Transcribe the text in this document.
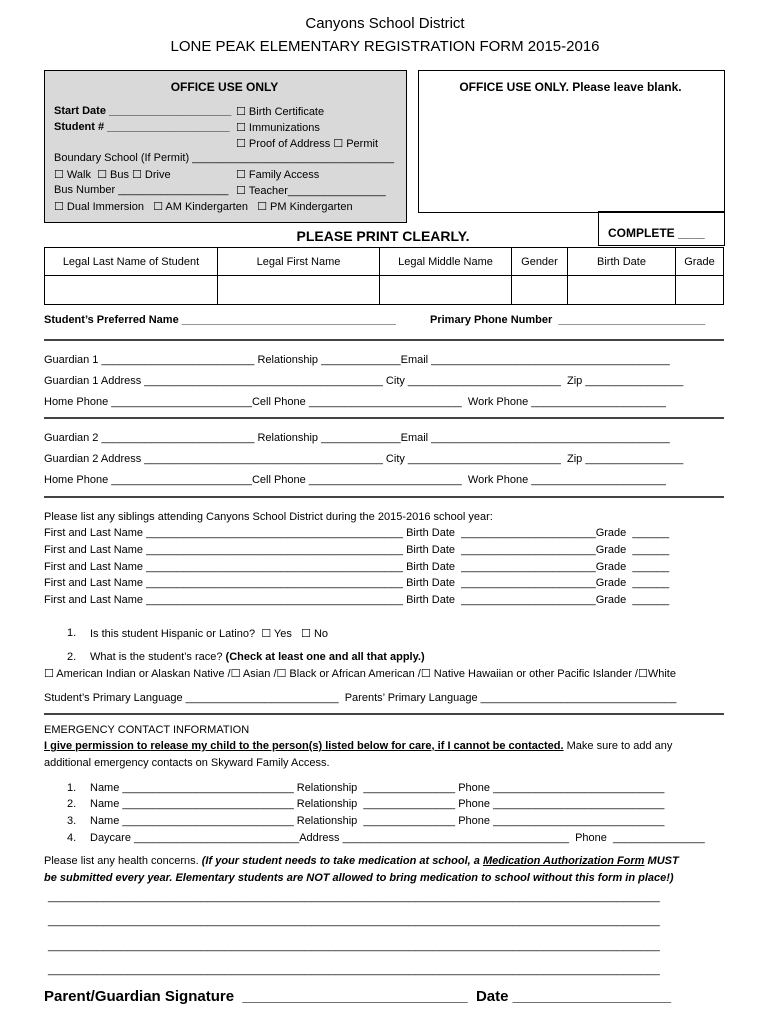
Canyons School District
LONE PEAK ELEMENTARY REGISTRATION FORM 2015-2016
OFFICE USE ONLY
Start Date ____________________
Student # ____________________
☐ Birth Certificate
☐ Immunizations
☐ Proof of Address ☐ Permit
Boundary School (If Permit) _________________________________
☐ Walk  ☐ Bus ☐ Drive	☐ Family Access
Bus Number __________________ ☐ Teacher________________
☐ Dual Immersion   ☐ AM Kindergarten   ☐ PM Kindergarten
OFFICE USE ONLY. Please leave blank.
COMPLETE ____
PLEASE PRINT CLEARLY.
Legal Last Name of Student	Legal First Name	Legal Middle Name	Gender	Birth Date	Grade

Student’s Preferred Name ___________________________________	Primary Phone Number  ________________________
Guardian 1 _________________________ Relationship _____________Email _______________________________________
Guardian 1 Address _______________________________________ City _________________________  Zip ________________
Home Phone _______________________Cell Phone _________________________  Work Phone ______________________
Guardian 2 _________________________ Relationship _____________Email _______________________________________
Guardian 2 Address _______________________________________ City _________________________  Zip ________________
Home Phone _______________________Cell Phone _________________________  Work Phone ______________________
Please list any siblings attending Canyons School District during the 2015-2016 school year:
First and Last Name __________________________________________ Birth Date  ______________________Grade  ______
First and Last Name __________________________________________ Birth Date  ______________________Grade  ______
First and Last Name __________________________________________ Birth Date  ______________________Grade  ______
First and Last Name __________________________________________ Birth Date  ______________________Grade  ______
First and Last Name __________________________________________ Birth Date  ______________________Grade  ______
1. Is this student Hispanic or Latino?  ☐ Yes   ☐ No
2. What is the student’s race? (Check at least one and all that apply.)
☐ American Indian or Alaskan Native /☐ Asian /☐ Black or African American /☐ Native Hawaiian or other Pacific Islander /☐White
Student’s Primary Language _________________________  Parents’ Primary Language ________________________________
EMERGENCY CONTACT INFORMATION
I give permission to release my child to the person(s) listed below for care, if I cannot be contacted. Make sure to add any
additional emergency contacts on Skyward Family Access.
1. Name ____________________________ Relationship  _______________ Phone ____________________________
2. Name ____________________________ Relationship  _______________ Phone ____________________________
3. Name ____________________________ Relationship  _______________ Phone ____________________________
4. Daycare ___________________________Address _____________________________________  Phone  _______________
Please list any health concerns. (If your student needs to take medication at school, a Medication Authorization Form MUST
be submitted every year. Elementary students are NOT allowed to bring medication to school without this form in place!)
____________________________________________________________________________________________________
____________________________________________________________________________________________________
____________________________________________________________________________________________________
____________________________________________________________________________________________________
Parent/Guardian Signature  ___________________________  Date ___________________
